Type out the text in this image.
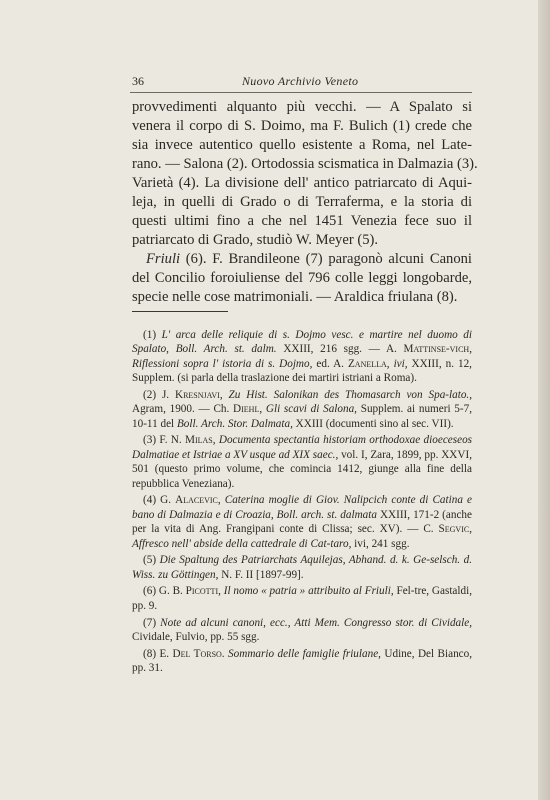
36	Nuovo Archivio Veneto
provvedimenti alquanto più vecchi. — A Spalato si
venera il corpo di S. Doimo, ma F. Bulich (1) crede che
sia invece autentico quello esistente a Roma, nel Late-
rano. — Salona (2). Ortodossia scismatica in Dalmazia (3).
Varietà (4). La divisione dell' antico patriarcato di Aqui-
leja, in quelli di Grado o di Terraferma, e la storia di
questi ultimi fino a che nel 1451 Venezia fece suo il
patriarcato di Grado, studiò W. Meyer (5).
Friuli (6). F. Brandileone (7) paragonò alcuni Canoni
del Concilio foroiuliense del 796 colle leggi longobarde,
specie nelle cose matrimoniali. — Araldica friulana (8).

(1) L' arca delle reliquie di s. Dojmo vesc. e martire nel duomo di Spalato, Boll. Arch. st. dalm. XXIII, 216 sgg. — A. Mattinse-vich, Riflessioni sopra l' istoria di s. Dojmo, ed. A. Zanella, ivi, XXIII, n. 12, Supplem. (si parla della traslazione dei martiri istriani a Roma).

(2) J. Kresnjavi, Zu Hist. Salonikan des Thomasarch von Spa-lato., Agram, 1900. — Ch. Diehl, Gli scavi di Salona, Supplem. ai numeri 5-7, 10-11 del Boll. Arch. Stor. Dalmata, XXIII (documenti sino al sec. VII).

(3) F. N. Milas, Documenta spectantia historiam orthodoxae dioeceseos Dalmatiae et Istriae a XV usque ad XIX saec., vol. I, Zara, 1899, pp. XXVI, 501 (questo primo volume, che comincia 1412, giunge alla fine della repubblica Veneziana).

(4) G. Alacevic, Caterina moglie di Giov. Nalipcich conte di Catina e bano di Dalmazia e di Croazia, Boll. arch. st. dalmata XXIII, 171-2 (anche per la vita di Ang. Frangipani conte di Clissa; sec. XV). — C. Segvic, Affresco nell' abside della cattedrale di Cat-taro, ivi, 241 sgg.

(5) Die Spaltung des Patriarchats Aquilejas, Abhand. d. k. Ge-selsch. d. Wiss. zu Göttingen, N. F. II [1897-99].

(6) G. B. Picotti, Il nomo « patria » attribuito al Friuli, Fel-tre, Gastaldi, pp. 9.

(7) Note ad alcuni canoni, ecc., Atti Mem. Congresso stor. di Cividale, Cividale, Fulvio, pp. 55 sgg.

(8) E. Del Torso. Sommario delle famiglie friulane, Udine, Del Bianco, pp. 31.
